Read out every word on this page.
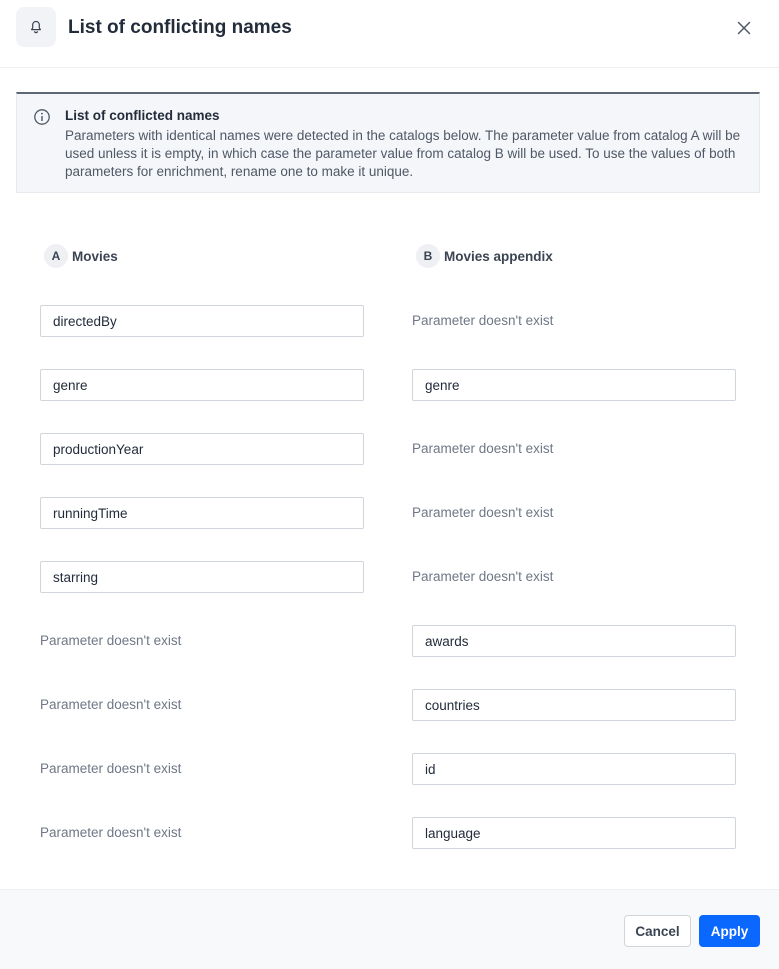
List of conflicting names
List of conflicted names
Parameters with identical names were detected in the catalogs below. The parameter value from catalog A will be used unless it is empty, in which case the parameter value from catalog B will be used. To use the values of both parameters for enrichment, rename one to make it unique.
A Movies	B Movies appendix
directedBy	Parameter doesn't exist
genre	genre
productionYear	Parameter doesn't exist
runningTime	Parameter doesn't exist
starring	Parameter doesn't exist
Parameter doesn't exist	awards
Parameter doesn't exist	countries
Parameter doesn't exist	id
Parameter doesn't exist	language
Cancel	Apply
